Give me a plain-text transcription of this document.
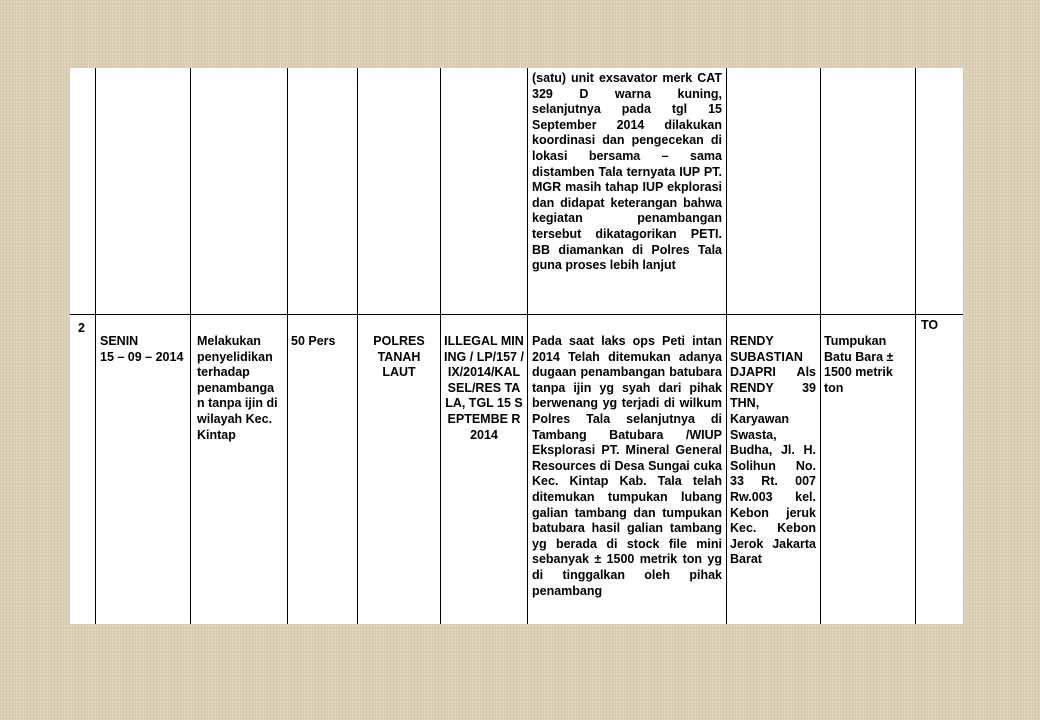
(satu) unit exsavator merk CAT 329 D warna kuning, selanjutnya pada tgl 15 September 2014 dilakukan koordinasi dan pengecekan di lokasi bersama – sama distamben Tala ternyata IUP PT. MGR masih tahap IUP ekplorasi dan didapat keterangan bahwa kegiatan penambangan tersebut dikatagorikan PETI. BB diamankan di Polres Tala guna proses lebih lanjut
2
SENIN
15 – 09 – 2014
Melakukan penyelidikan terhadap penambanga n tanpa ijin di wilayah Kec. Kintap
50 Pers	POLRES TANAH LAUT
ILLEGAL MINING / LP/157 /IX/2014/KAL SEL/RES TALA, TGL 15 SEPTEMBE R 2014
Pada saat laks ops Peti intan 2014 Telah ditemukan adanya dugaan penambangan batubara tanpa ijin yg syah dari pihak berwenang yg terjadi di wilkum Polres Tala selanjutnya di Tambang Batubara /WIUP Eksplorasi PT. Mineral General Resources di Desa Sungai cuka Kec. Kintap Kab. Tala telah ditemukan tumpukan lubang galian tambang dan tumpukan batubara hasil galian tambang yg berada di stock file mini sebanyak ± 1500 metrik ton yg di tinggalkan oleh pihak penambang
RENDY SUBASTIAN DJAPRI Als RENDY 39 THN, Karyawan Swasta, Budha, Jl. H. Solihun No. 33 Rt. 007 Rw.003 kel. Kebon jeruk Kec. Kebon Jerok Jakarta Barat
Tumpukan Batu Bara ± 1500 metrik ton
TO
